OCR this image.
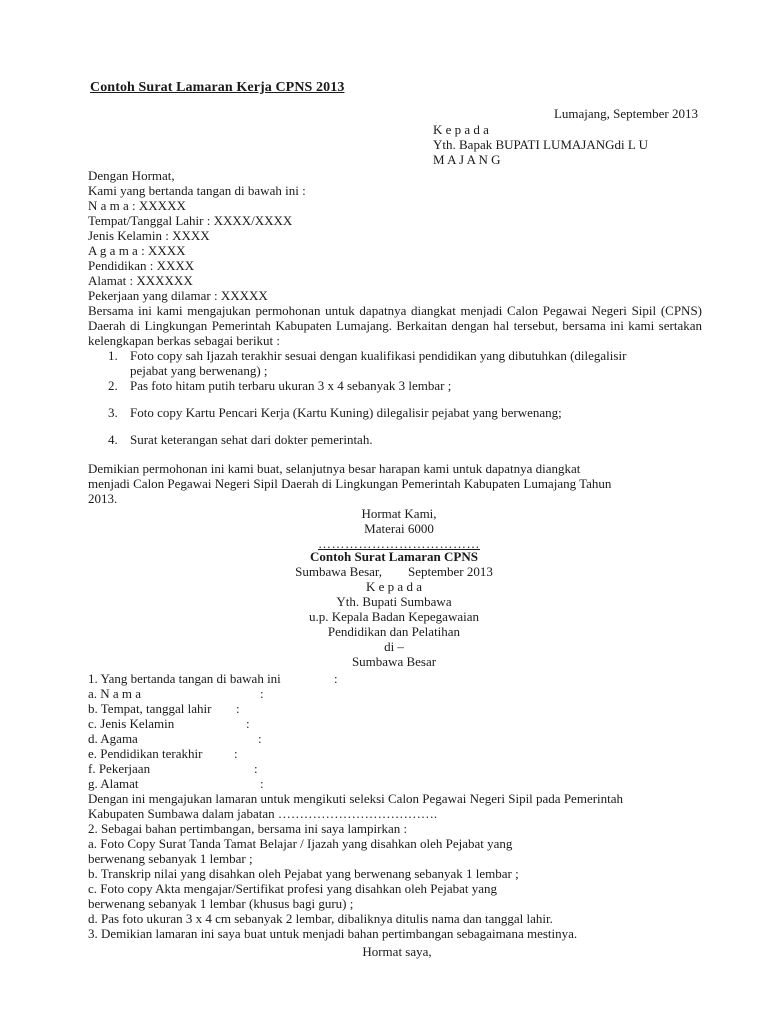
Contoh Surat Lamaran Kerja CPNS 2013
Lumajang, September 2013
K e p a d a
Yth. Bapak BUPATI LUMAJANGdi L U
M A J A N G
Dengan Hormat,
Kami yang bertanda tangan di bawah ini :
N a m a : XXXXX
Tempat/Tanggal Lahir : XXXX/XXXX
Jenis Kelamin : XXXX
A g a m a : XXXX
Pendidikan : XXXX
Alamat : XXXXXX
Pekerjaan yang dilamar : XXXXX
Bersama ini kami mengajukan permohonan untuk dapatnya diangkat menjadi Calon Pegawai Negeri Sipil (CPNS) Daerah di Lingkungan Pemerintah Kabupaten Lumajang. Berkaitan dengan hal tersebut, bersama ini kami sertakan kelengkapan berkas sebagai berikut :
1. Foto copy sah Ijazah terakhir sesuai dengan kualifikasi pendidikan yang dibutuhkan (dilegalisir
pejabat yang berwenang) ;
2. Pas foto hitam putih terbaru ukuran 3 x 4 sebanyak 3 lembar ;
3. Foto copy Kartu Pencari Kerja (Kartu Kuning) dilegalisir pejabat yang berwenang;
4. Surat keterangan sehat dari dokter pemerintah.
Demikian permohonan ini kami buat, selanjutnya besar harapan kami untuk dapatnya diangkat
menjadi Calon Pegawai Negeri Sipil Daerah di Lingkungan Pemerintah Kabupaten Lumajang Tahun
2013.
Hormat Kami,
Materai 6000
………………………………
Contoh Surat Lamaran CPNS
Sumbawa Besar,        September 2013
K e p a d a
Yth. Bupati Sumbawa
u.p. Kepala Badan Kepegawaian
Pendidikan dan Pelatihan
di –
Sumbawa Besar
1. Yang bertanda tangan di bawah ini	:
a. N a m a	:
b. Tempat, tanggal lahir :
c. Jenis Kelamin	:
d. Agama	:
e. Pendidikan terakhir :
f. Pekerjaan	:
g. Alamat	:
Dengan ini mengajukan lamaran untuk mengikuti seleksi Calon Pegawai Negeri Sipil pada Pemerintah
Kabupaten Sumbawa dalam jabatan ……………………………….
2. Sebagai bahan pertimbangan, bersama ini saya lampirkan :
a. Foto Copy Surat Tanda Tamat Belajar / Ijazah yang disahkan oleh Pejabat yang
berwenang sebanyak 1 lembar ;
b. Transkrip nilai yang disahkan oleh Pejabat yang berwenang sebanyak 1 lembar ;
c. Foto copy Akta mengajar/Sertifikat profesi yang disahkan oleh Pejabat yang
berwenang sebanyak 1 lembar (khusus bagi guru) ;
d. Pas foto ukuran 3 x 4 cm sebanyak 2 lembar, dibaliknya ditulis nama dan tanggal lahir.
3. Demikian lamaran ini saya buat untuk menjadi bahan pertimbangan sebagaimana mestinya.
Hormat saya,
